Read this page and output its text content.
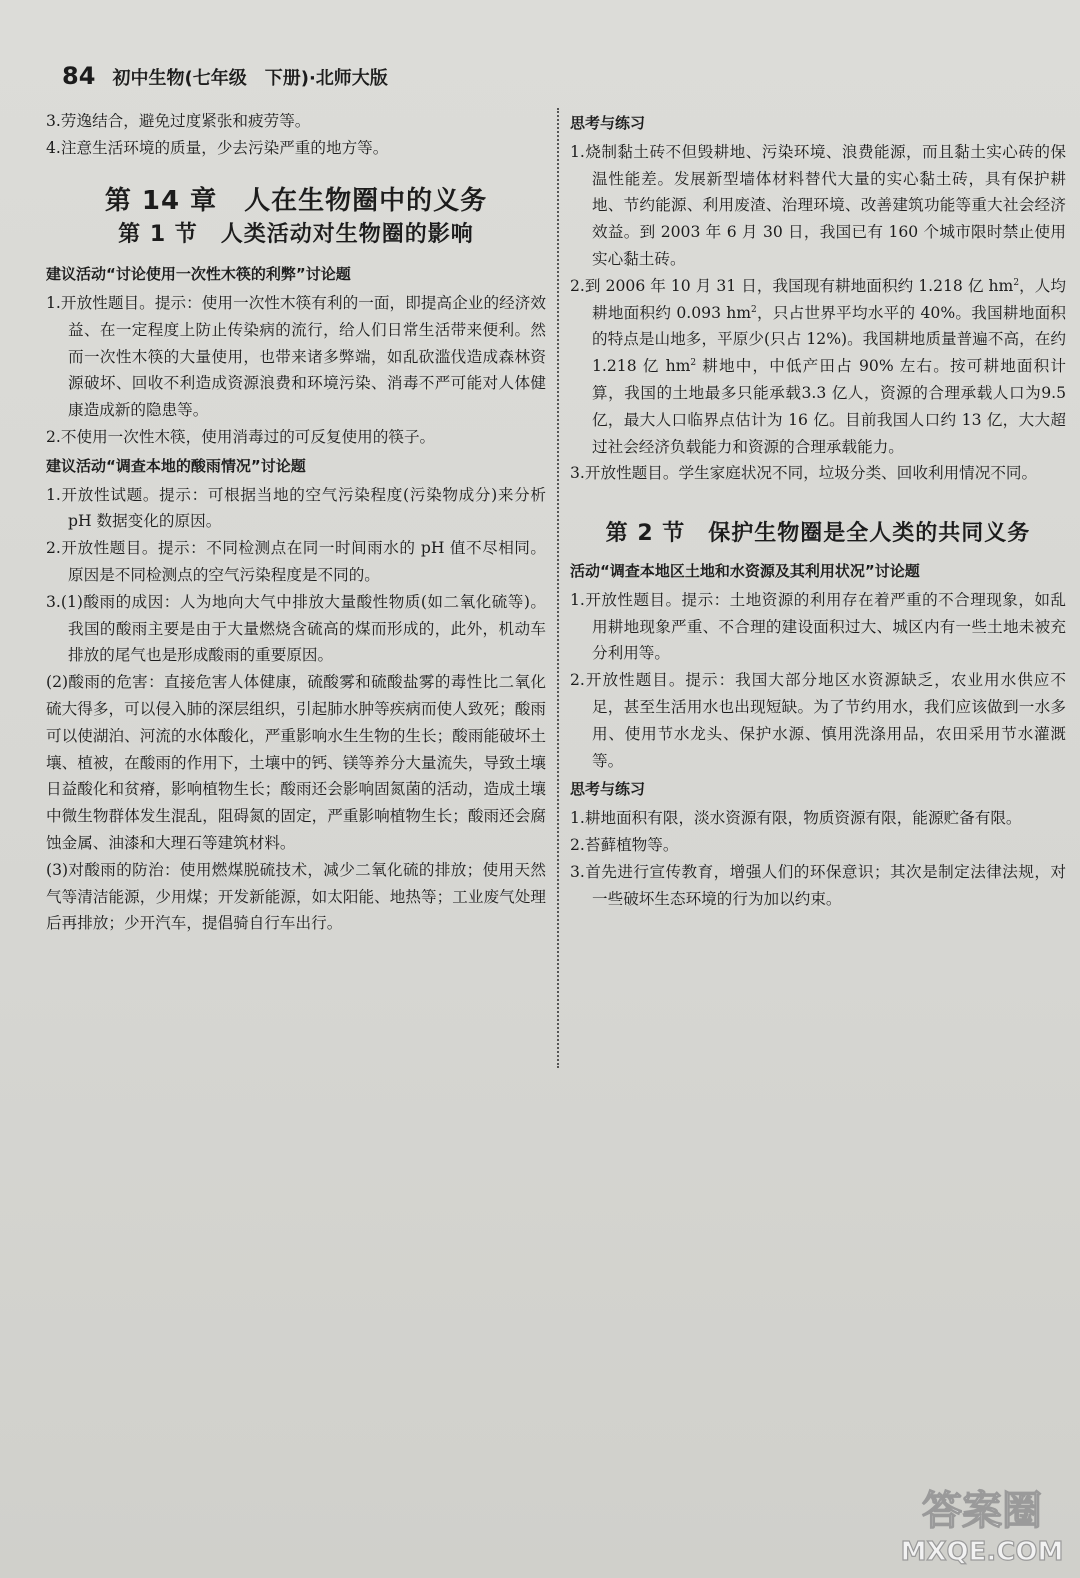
84 初中生物(七年级　下册)·北师大版

3.劳逸结合，避免过度紧张和疲劳等。

4.注意生活环境的质量，少去污染严重的地方等。

第 14 章　人在生物圈中的义务
第 1 节　人类活动对生物圈的影响
建议活动“讨论使用一次性木筷的利弊”讨论题

1.开放性题目。提示：使用一次性木筷有利的一面，即提高企业的经济效益、在一定程度上防止传染病的流行，给人们日常生活带来便利。然而一次性木筷的大量使用，也带来诸多弊端，如乱砍滥伐造成森林资源破坏、回收不利造成资源浪费和环境污染、消毒不严可能对人体健康造成新的隐患等。

2.不使用一次性木筷，使用消毒过的可反复使用的筷子。

建议活动“调查本地的酸雨情况”讨论题

1.开放性试题。提示：可根据当地的空气污染程度(污染物成分)来分析 pH 数据变化的原因。

2.开放性题目。提示：不同检测点在同一时间雨水的 pH 值不尽相同。原因是不同检测点的空气污染程度是不同的。

3.(1)酸雨的成因：人为地向大气中排放大量酸性物质(如二氧化硫等)。我国的酸雨主要是由于大量燃烧含硫高的煤而形成的，此外，机动车排放的尾气也是形成酸雨的重要原因。

(2)酸雨的危害：直接危害人体健康，硫酸雾和硫酸盐雾的毒性比二氧化硫大得多，可以侵入肺的深层组织，引起肺水肿等疾病而使人致死；酸雨可以使湖泊、河流的水体酸化，严重影响水生生物的生长；酸雨能破坏土壤、植被，在酸雨的作用下，土壤中的钙、镁等养分大量流失，导致土壤日益酸化和贫瘠，影响植物生长；酸雨还会影响固氮菌的活动，造成土壤中微生物群体发生混乱，阻碍氮的固定，严重影响植物生长；酸雨还会腐蚀金属、油漆和大理石等建筑材料。

(3)对酸雨的防治：使用燃煤脱硫技术，减少二氧化硫的排放；使用天然气等清洁能源，少用煤；开发新能源，如太阳能、地热等；工业废气处理后再排放；少开汽车，提倡骑自行车出行。

思考与练习

1.烧制黏土砖不但毁耕地、污染环境、浪费能源，而且黏土实心砖的保温性能差。发展新型墙体材料替代大量的实心黏土砖，具有保护耕地、节约能源、利用废渣、治理环境、改善建筑功能等重大社会经济效益。到 2003 年 6 月 30 日，我国已有 160 个城市限时禁止使用实心黏土砖。

2.到 2006 年 10 月 31 日，我国现有耕地面积约 1.218 亿 $hm^2$，人均耕地面积约 0.093 $hm^2$，只占世界平均水平的 40%。我国耕地面积的特点是山地多，平原少(只占 12%)。我国耕地质量普遍不高，在约 1.218 亿 $hm^2$ 耕地中，中低产田占 90% 左右。按可耕地面积计算，我国的土地最多只能承载3.3 亿人，资源的合理承载人口为9.5 亿，最大人口临界点估计为 16 亿。目前我国人口约 13 亿，大大超过社会经济负载能力和资源的合理承载能力。

3.开放性题目。学生家庭状况不同，垃圾分类、回收利用情况不同。

第 2 节　保护生物圈是全人类的共同义务
活动“调查本地区土地和水资源及其利用状况”讨论题

1.开放性题目。提示：土地资源的利用存在着严重的不合理现象，如乱用耕地现象严重、不合理的建设面积过大、城区内有一些土地未被充分利用等。

2.开放性题目。提示：我国大部分地区水资源缺乏，农业用水供应不足，甚至生活用水也出现短缺。为了节约用水，我们应该做到一水多用、使用节水龙头、保护水源、慎用洗涤用品，农田采用节水灌溉等。

思考与练习

1.耕地面积有限，淡水资源有限，物质资源有限，能源贮备有限。

2.苔藓植物等。

3.首先进行宣传教育，增强人们的环保意识；其次是制定法律法规，对一些破坏生态环境的行为加以约束。

答案圈
MXQE.COM
